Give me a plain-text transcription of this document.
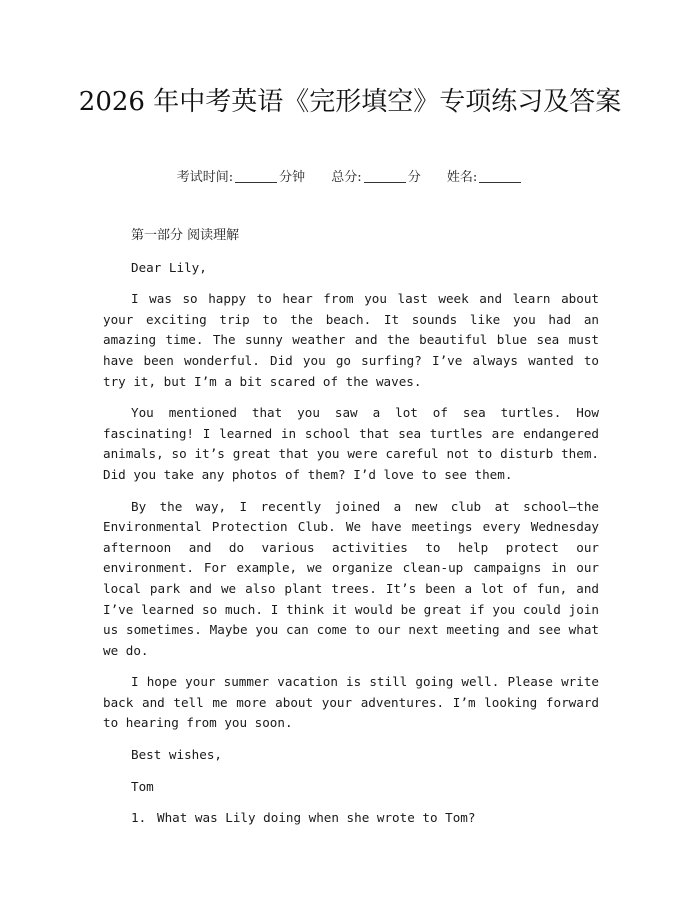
2026 年中考英语《完形填空》专项练习及答案
考试时间:	分钟 总分:	分 姓名:

第一部分 阅读理解

Dear Lily,

I was so happy to hear from you last week and learn about your exciting trip to the beach. It sounds like you had an amazing time. The sunny weather and the beautiful blue sea must have been wonderful. Did you go surfing? I’ve always wanted to try it, but I’m a bit scared of the waves.

You mentioned that you saw a lot of sea turtles. How fascinating! I learned in school that sea turtles are endangered animals, so it’s great that you were careful not to disturb them. Did you take any photos of them? I’d love to see them.

By the way, I recently joined a new club at school—the Environmental Protection Club. We have meetings every Wednesday afternoon and do various activities to help protect our environment. For example, we organize clean-up campaigns in our local park and we also plant trees. It’s been a lot of fun, and I’ve learned so much. I think it would be great if you could join us sometimes. Maybe you can come to our next meeting and see what we do.

I hope your summer vacation is still going well. Please write back and tell me more about your adventures. I’m looking forward to hearing from you soon.

Best wishes,

Tom

1. What was Lily doing when she wrote to Tom?
